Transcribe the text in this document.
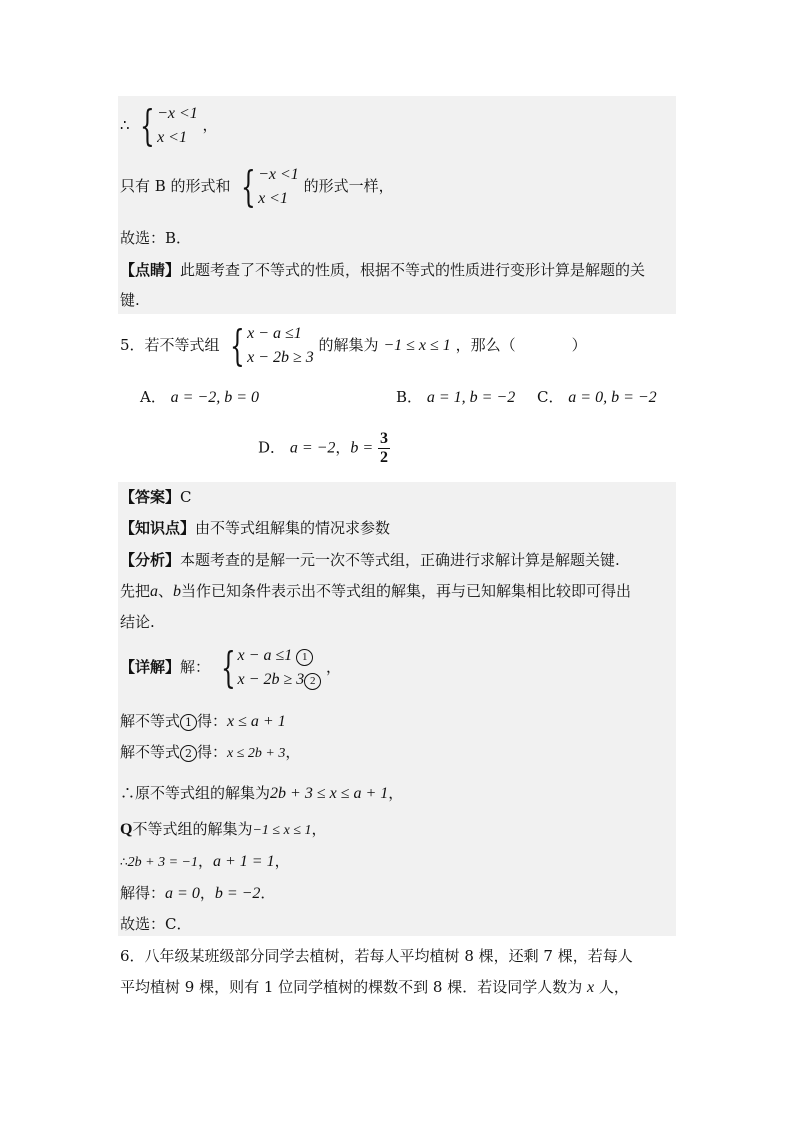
∴ { −x <1
x <1
，
只有 B 的形式和 { −x <1
x <1
的形式一样，
故选：B．
【点睛】此题考查了不等式的性质，根据不等式的性质进行变形计算是解题的关
键.
5．若不等式组 { x − a ≤1
x − 2b ≥ 3
的解集为 −1 ≤ x ≤ 1 ，那么（	）
A． a = −2, b = 0	B． a = 1, b = −2 C． a = 0, b = −2
D． a = −2，$b = \frac{3}{2}$
【答案】C
【知识点】由不等式组解集的情况求参数
【分析】本题考查的是解一元一次不等式组，正确进行求解计算是解题关键.
先把a、b当作已知条件表示出不等式组的解集，再与已知解集相比较即可得出
结论.
【详解】解： { x − a ≤1 1
x − 2b ≥ 3 2
，
解不等式 1 得：x ≤ a + 1
解不等式 2 得：x ≤ 2b + 3，
∴原不等式组的解集为2b + 3 ≤ x ≤ a + 1，
Q不等式组的解集为−1 ≤ x ≤ 1，
∴2b + 3 = −1，a + 1 = 1，
解得：a = 0，b = −2．
故选：C．
6．八年级某班级部分同学去植树，若每人平均植树 8 棵，还剩 7 棵，若每人
平均植树 9 棵，则有 1 位同学植树的棵数不到 8 棵．若设同学人数为 x 人，
